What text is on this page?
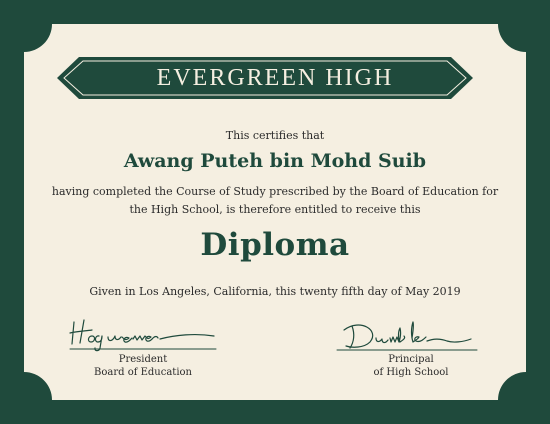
EVERGREEN HIGH
This certifies that
Awang Puteh bin Mohd Suib
having completed the Course of Study prescribed by the Board of Education for
the High School, is therefore entitled to receive this
Diploma
Given in Los Angeles, California, this twenty fifth day of May 2019
President
Board of Education
Principal
of High School
